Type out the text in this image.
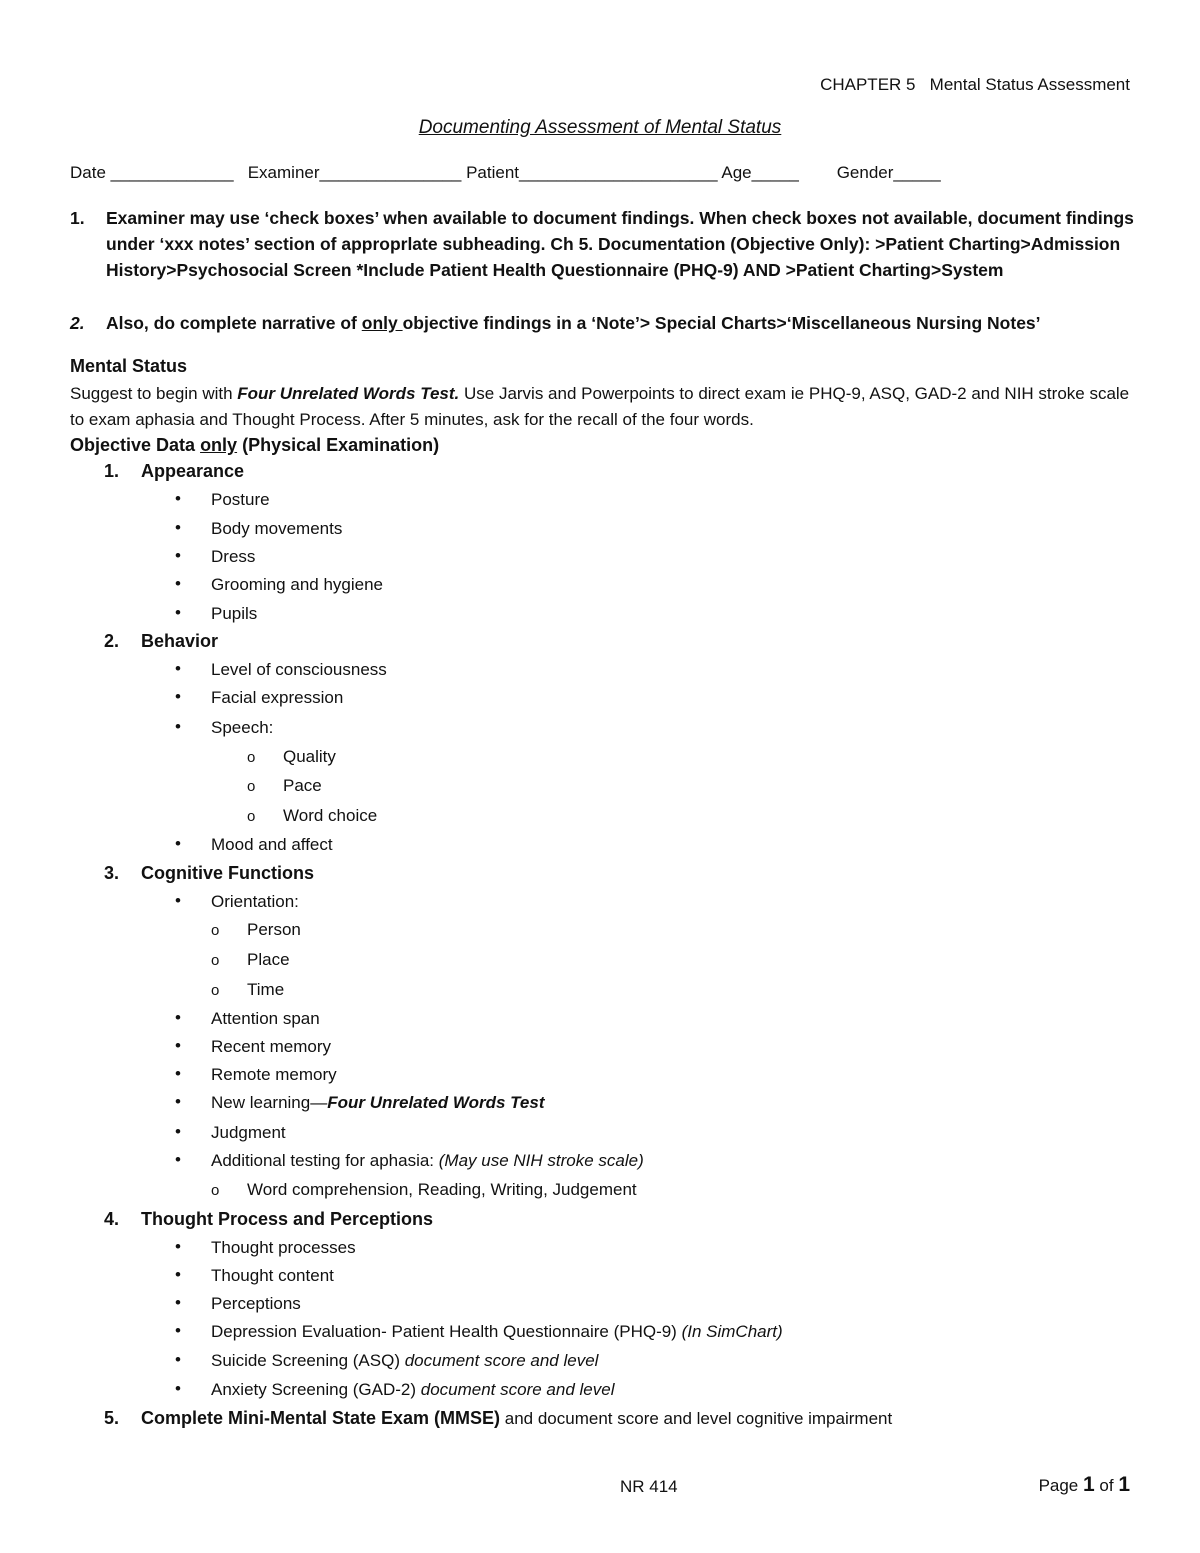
CHAPTER 5 Mental Status Assessment
Documenting Assessment of Mental Status
Date _____________ Examiner_______________ Patient_____________________ Age_____ Gender_____
1. Examiner may use ‘check boxes’ when available to document findings. When check boxes not available, document findings under ‘xxx notes’ section of approprlate subheading. Ch 5. Documentation (Objective Only): >Patient Charting>Admission History>Psychosocial Screen *Include Patient Health Questionnaire (PHQ-9) AND >Patient Charting>System
2. Also, do complete narrative of only objective findings in a ‘Note’> Special Charts>‘Miscellaneous Nursing Notes’
Mental Status
Suggest to begin with Four Unrelated Words Test. Use Jarvis and Powerpoints to direct exam ie PHQ-9, ASQ, GAD-2 and NIH stroke scale to exam aphasia and Thought Process. After 5 minutes, ask for the recall of the four words.
Objective Data only (Physical Examination)
1. Appearance
• Posture
• Body movements
• Dress
• Grooming and hygiene
• Pupils
2. Behavior
• Level of consciousness
• Facial expression
• Speech:
o Quality
o Pace
o Word choice
• Mood and affect
3. Cognitive Functions
• Orientation:
o Person
o Place
o Time
• Attention span
• Recent memory
• Remote memory
• New learning—Four Unrelated Words Test
• Judgment
• Additional testing for aphasia: (May use NIH stroke scale)
o Word comprehension, Reading, Writing, Judgement
4. Thought Process and Perceptions
• Thought processes
• Thought content
• Perceptions
• Depression Evaluation- Patient Health Questionnaire (PHQ-9) (In SimChart)
• Suicide Screening (ASQ) document score and level
• Anxiety Screening (GAD-2) document score and level
5. Complete Mini-Mental State Exam (MMSE) and document score and level cognitive impairment
NR 414	Page 1 of 1
